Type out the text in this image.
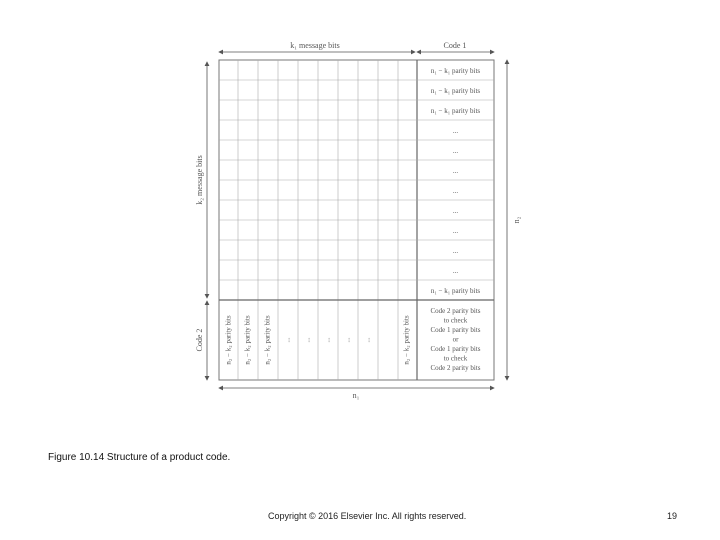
k₁ message bits	Code 1
n₂
k₂ message bits
Code 2
n₁
n₁ − k₁ parity bits
n₁ − k₁ parity bits
n₁ − k₁ parity bits
...
...
...
...
...
...
...
...
n₁ − k₁ parity bits
n₂ − k₂ parity bits n₂ − k₂ parity bits n₂ − k₂ parity bits ... ... ... ... ...	n₂ − k₂ parity bits
Code 2 parity bits
to check
Code 1 parity bits
or
Code 1 parity bits
to check
Code 2 parity bits
Figure 10.14 Structure of a product code.
Copyright © 2016 Elsevier Inc. All rights reserved.	19
